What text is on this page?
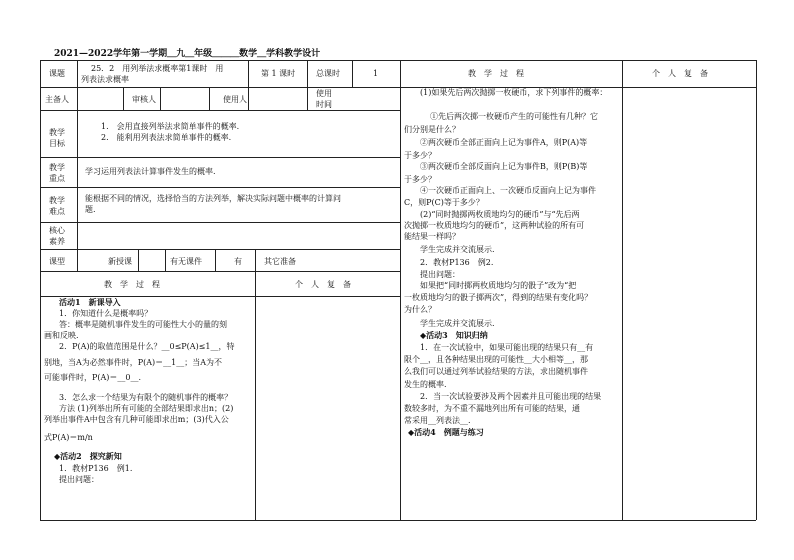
2021—2022学年第一学期＿九＿年级＿＿＿数学＿学科教学设计
课题
25．2　用列举法求概率第1课时　用
列表法求概率
第 1 课时	总课时	1
主备人	审核人	使用人
使用
时间
教学
目标
1.　会用直接列举法求简单事件的概率.
2.　能利用列表法求简单事件的概率.
教学
重点
学习运用列表法计算事件发生的概率.
教学
难点
能根据不同的情况，选择恰当的方法列举，解决实际问题中概率的计算问
题.
核心
素养
课型	新授课	有无课件	有	其它准备
教　学　过　程	个　人　复　备
活动1　新课导入
1．你知道什么是概率吗？
答：概率是随机事件发生的可能性大小的量的刻
画和反映.
2．P(A)的取值范围是什么？__0≤P(A)≤1__，特
别地，当A为必然事件时，P(A)＝__1__；当A为不
可能事件时，P(A)＝__0__.
3．怎么求一个结果为有限个的随机事件的概率？
方法 (1)列举出所有可能的全部结果即求出n；(2)
列举出事件A中包含有几种可能即求出m；(3)代入公
式P(A)＝m/n
◆活动2　探究新知
1．教材P136　例1.
提出问题：
教　学　过　程	个　人　复　备
(1)如果先后两次抛掷一枚硬币，求下列事件的概率：
①先后两次掷一枚硬币产生的可能性有几种？它
们分别是什么？
②两次硬币全部正面向上记为事件A，则P(A)等
于多少？
③两次硬币全部反面向上记为事件B，则P(B)等
于多少？
④一次硬币正面向上、一次硬币反面向上记为事件
C，则P(C)等于多少？
(2)“同时抛掷两枚质地均匀的硬币”与“先后两
次抛掷一枚质地均匀的硬币”，这两种试验的所有可
能结果一样吗？
学生完成并交流展示.
2．教材P136　例2.
提出问题：
如果把“同时掷两枚质地均匀的骰子”改为“把
一枚质地均匀的骰子掷两次”，得到的结果有变化吗？
为什么？
学生完成并交流展示.
◆活动3　知识归纳
1．在一次试验中，如果可能出现的结果只有__有
限个__，且各种结果出现的可能性__大小相等__，那
么我们可以通过列举试验结果的方法，求出随机事件
发生的概率.
2．当一次试验要涉及两个因素并且可能出现的结果
数较多时，为不重不漏地列出所有可能的结果，通
常采用__列表法__.
◆活动4　例题与练习
